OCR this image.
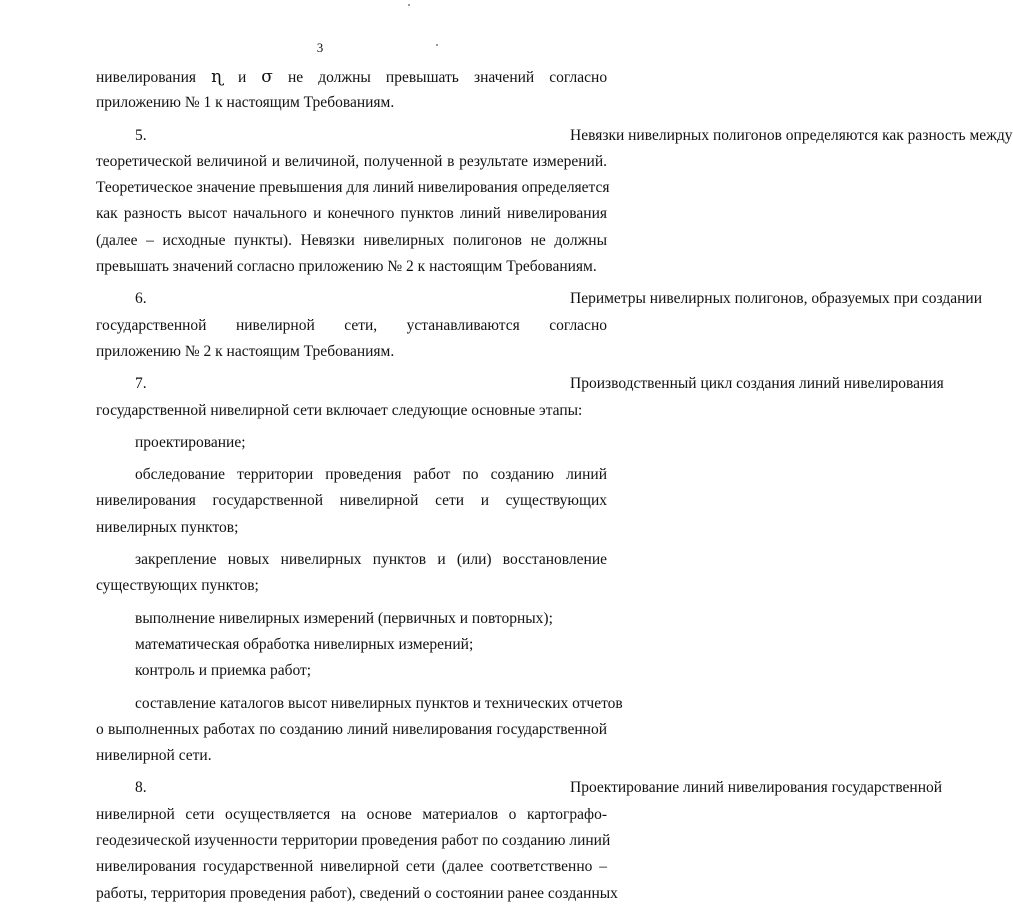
3
нивелирования ɳ и σ не должны превышать значений согласно
приложению № 1 к настоящим Требованиям.
5.	Невязки нивелирных полигонов определяются как разность между
теоретической величиной и величиной, полученной в результате измерений.
Теоретическое значение превышения для линий нивелирования определяется
как разность высот начального и конечного пунктов линий нивелирования
(далее – исходные пункты). Невязки нивелирных полигонов не должны
превышать значений согласно приложению № 2 к настоящим Требованиям.
6.	Периметры нивелирных полигонов, образуемых при создании
государственной нивелирной сети, устанавливаются согласно
приложению № 2 к настоящим Требованиям.
7.	Производственный цикл создания линий нивелирования
государственной нивелирной сети включает следующие основные этапы:
проектирование;
обследование территории проведения работ по созданию линий
нивелирования государственной нивелирной сети и существующих
нивелирных пунктов;
закрепление новых нивелирных пунктов и (или) восстановление
существующих пунктов;
выполнение нивелирных измерений (первичных и повторных);
математическая обработка нивелирных измерений;
контроль и приемка работ;
составление каталогов высот нивелирных пунктов и технических отчетов
о выполненных работах по созданию линий нивелирования государственной
нивелирной сети.
8.	Проектирование линий нивелирования государственной
нивелирной сети осуществляется на основе материалов о картографо-
геодезической изученности территории проведения работ по созданию линий
нивелирования государственной нивелирной сети (далее соответственно –
работы, территория проведения работ), сведений о состоянии ранее созданных
